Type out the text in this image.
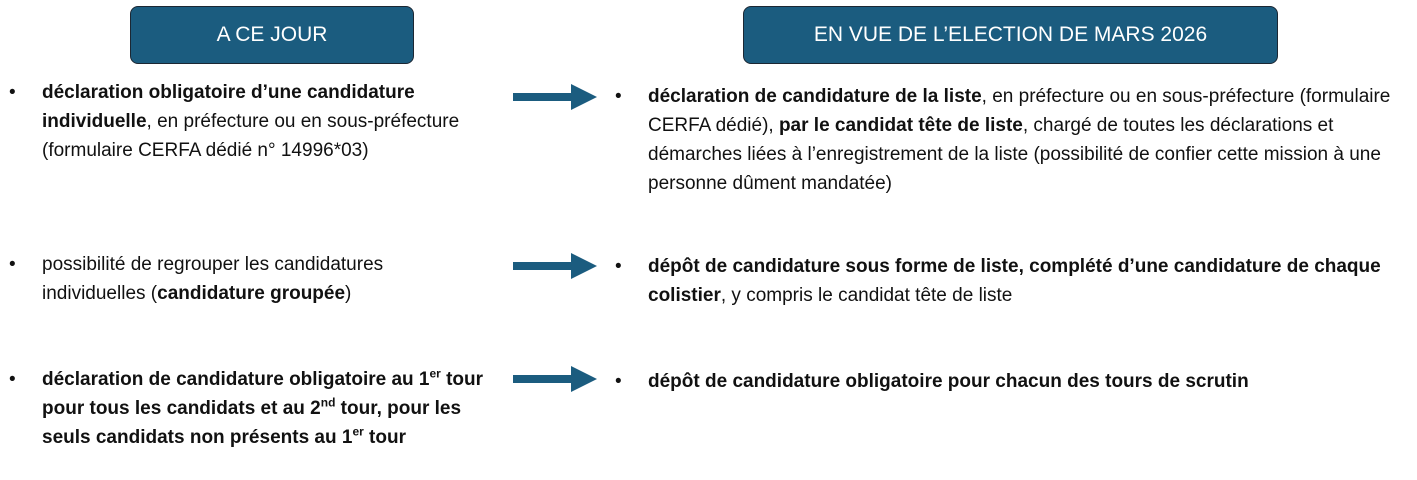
A CE JOUR	EN VUE DE L’ELECTION DE MARS 2026
• déclaration obligatoire d’une candidature individuelle, en préfecture ou en sous-préfecture (formulaire CERFA dédié n° 14996*03)
• possibilité de regrouper les candidatures individuelles (candidature groupée)
• déclaration de candidature obligatoire au 1er tour pour tous les candidats et au 2nd tour, pour les seuls candidats non présents au 1er tour
• déclaration de candidature de la liste, en préfecture ou en sous-préfecture (formulaire CERFA dédié), par le candidat tête de liste, chargé de toutes les déclarations et démarches liées à l’enregistrement de la liste (possibilité de confier cette mission à une personne dûment mandatée)
• dépôt de candidature sous forme de liste, complété d’une candidature de chaque colistier, y compris le candidat tête de liste
• dépôt de candidature obligatoire pour chacun des tours de scrutin
